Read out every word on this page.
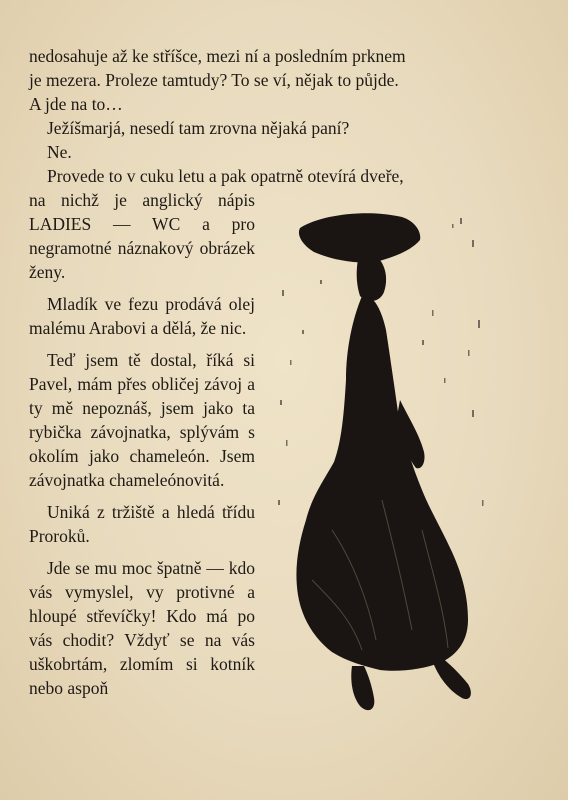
nedosahuje až ke stříšce, mezi ní a posledním prknem

je mezera. Proleze tamtudy? To se ví, nějak to půjde.

A jde na to…

Ježíšmarjá, nesedí tam zrovna nějaká paní?

Ne.

Provede to v cuku letu a pak opatrně otevírá dveře,

na nichž je anglický nápis LADIES — WC a pro negramotné náznakový obrázek ženy.

Mladík ve fezu prodává olej malému Arabovi a dělá, že nic.

Teď jsem tě dostal, říká si Pavel, mám přes obličej závoj a ty mě nepoznáš, jsem jako ta rybička závojnatka, splývám s okolím jako chameleón. Jsem závojnatka chameleónovitá.

Uniká z tržiště a hledá třídu Proroků.

Jde se mu moc špatně — kdo vás vymyslel, vy protivné a hloupé střevíčky! Kdo má po vás chodit? Vždyť se na vás uškobrtám, zlomím si kotník nebo aspoň
